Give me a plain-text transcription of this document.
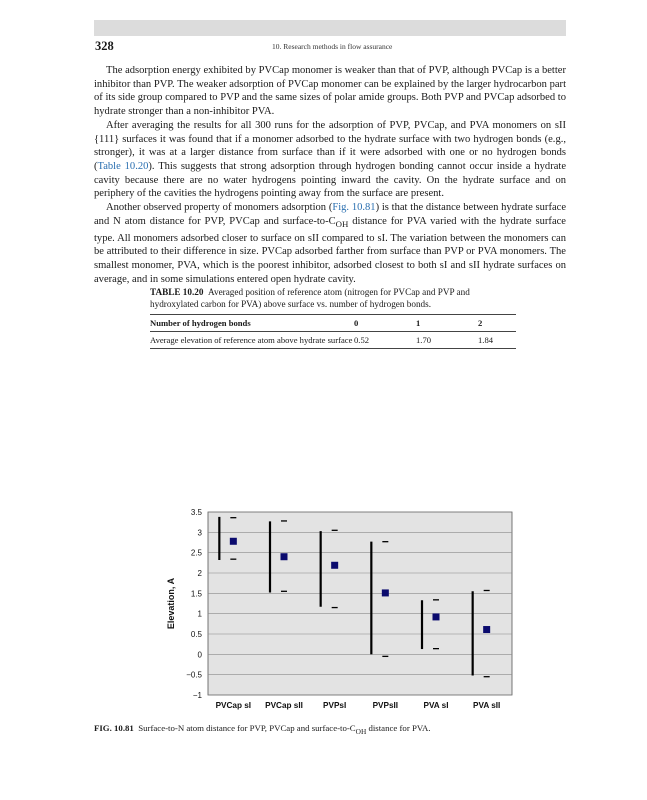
328	10. Research methods in flow assurance

The adsorption energy exhibited by PVCap monomer is weaker than that of PVP, although PVCap is a better inhibitor than PVP. The weaker adsorption of PVCap monomer can be explained by the larger hydrocarbon part of its side group compared to PVP and the same sizes of polar amide groups. Both PVP and PVCap adsorbed to hydrate stronger than a non-inhibitor PVA.

After averaging the results for all 300 runs for the adsorption of PVP, PVCap, and PVA monomers on sII {111} surfaces it was found that if a monomer adsorbed to the hydrate surface with two hydrogen bonds (e.g., stronger), it was at a larger distance from surface than if it were adsorbed with one or no hydrogen bonds (Table 10.20). This suggests that strong adsorption through hydrogen bonding cannot occur inside a hydrate cavity because there are no water hydrogens pointing inward the cavity. On the hydrate surface and on periphery of the cavities the hydrogens pointing away from the surface are present.

Another observed property of monomers adsorption (Fig. 10.81) is that the distance between hydrate surface and N atom distance for PVP, PVCap and surface-$to-C_{OH}$ distance for PVA varied with the hydrate surface type. All monomers adsorbed closer to surface on sII compared to sI. The variation between the monomers can be attributed to their difference in size. PVCap adsorbed farther from surface than PVP or PVA monomers. The smallest monomer, PVA, which is the poorest inhibitor, adsorbed closest to both sI and sII hydrate surfaces on average, and in some simulations entered open hydrate cavity.

TABLE 10.20 Averaged position of reference atom (nitrogen for PVCap and PVP and hydroxylated carbon for PVA) above surface vs. number of hydrogen bonds.
Number of hydrogen bonds	0	1	2
Average elevation of reference atom above hydrate surface	0.52	1.70	1.84
3.5
3
2.5
2
1.5
1
0.5
0
−0.5
−1
Elevation, A
PVCap sI PVCap sII PVPsI	PVPsII	PVA sI	PVA sII
FIG. 10.81 Surface-to-N atom distance for PVP, PVCap and surface-$to-C_{OH}$ distance for PVA.
